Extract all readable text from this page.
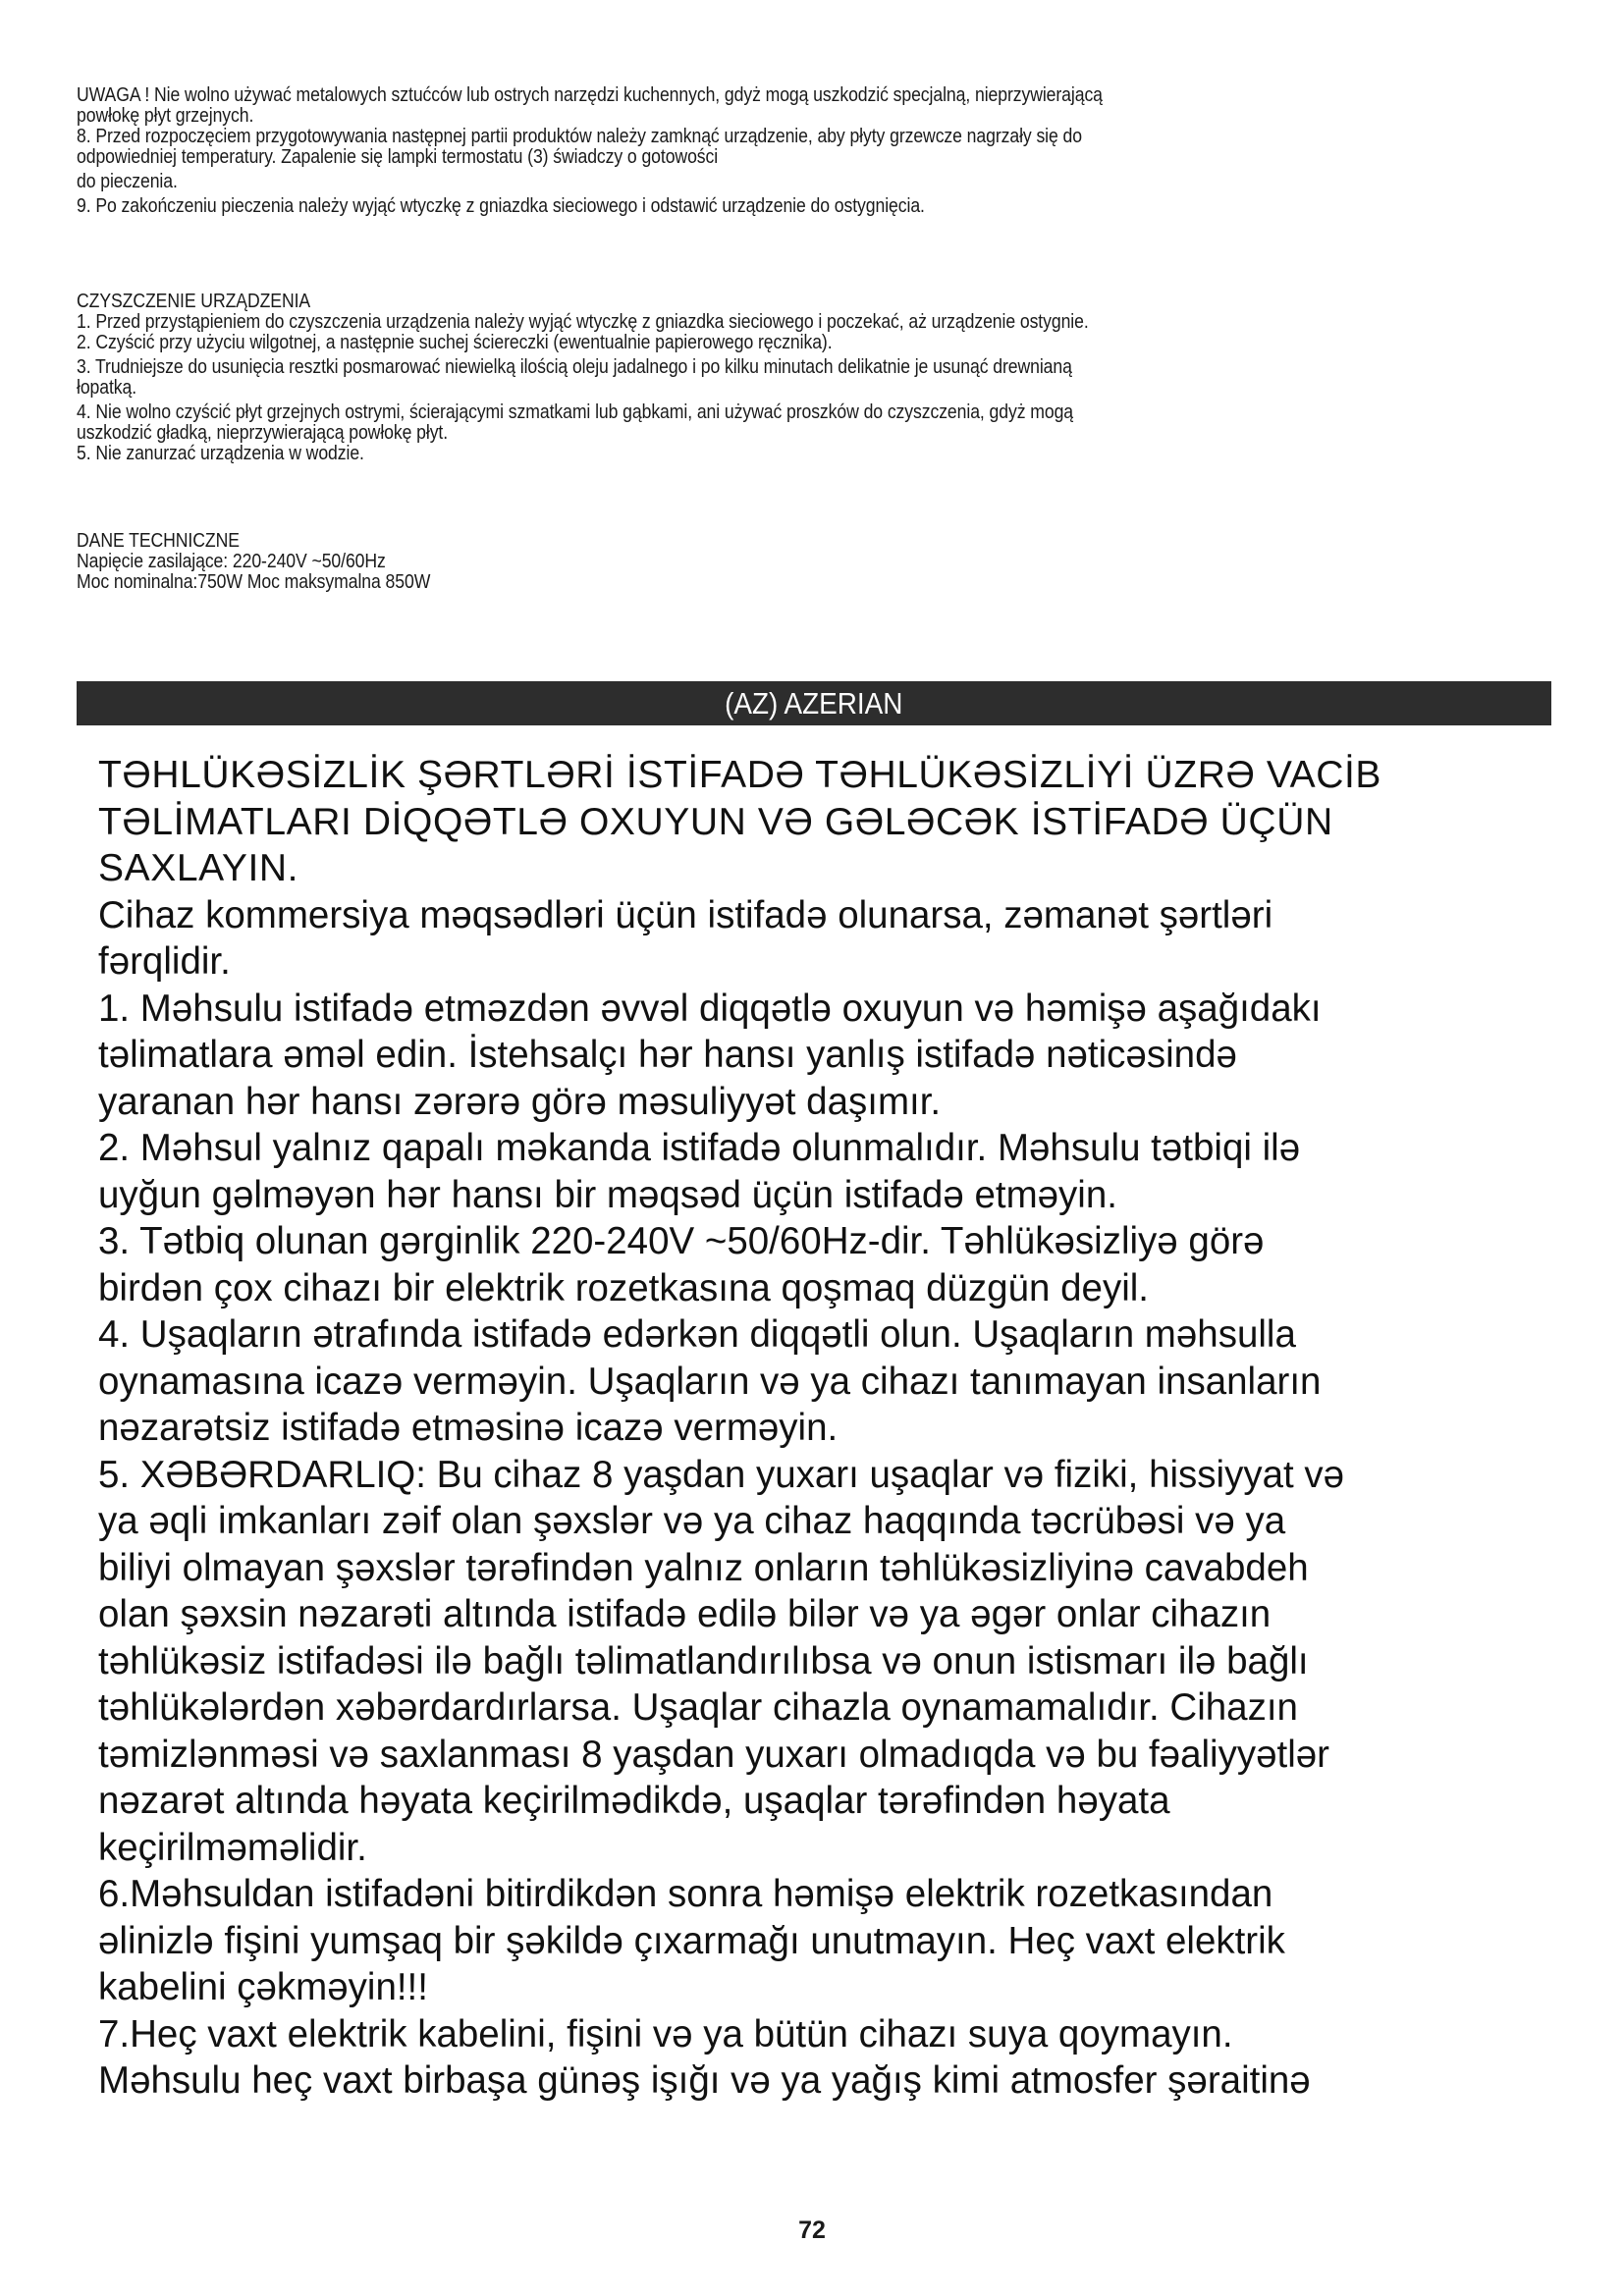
UWAGA ! Nie wolno używać metalowych sztućców lub ostrych narzędzi kuchennych, gdyż mogą uszkodzić specjalną, nieprzywierającą

powłokę płyt grzejnych.

8. Przed rozpoczęciem przygotowywania następnej partii produktów należy zamknąć urządzenie, aby płyty grzewcze nagrzały się do

odpowiedniej temperatury. Zapalenie się lampki termostatu (3) świadczy o gotowości

do pieczenia.

9. Po zakończeniu pieczenia należy wyjąć wtyczkę z gniazdka sieciowego i odstawić urządzenie do ostygnięcia.

CZYSZCZENIE URZĄDZENIA

1. Przed przystąpieniem do czyszczenia urządzenia należy wyjąć wtyczkę z gniazdka sieciowego i poczekać, aż urządzenie ostygnie.

2. Czyścić przy użyciu wilgotnej, a następnie suchej ściereczki (ewentualnie papierowego ręcznika).

3. Trudniejsze do usunięcia resztki posmarować niewielką ilością oleju jadalnego i po kilku minutach delikatnie je usunąć drewnianą

łopatką.

4. Nie wolno czyścić płyt grzejnych ostrymi, ścierającymi szmatkami lub gąbkami, ani używać proszków do czyszczenia, gdyż mogą

uszkodzić gładką, nieprzywierającą powłokę płyt.

5. Nie zanurzać urządzenia w wodzie.

DANE TECHNICZNE

Napięcie zasilające: 220-240V ~50/60Hz

Moc nominalna:750W Moc maksymalna 850W

(AZ) AZERIAN

TƏHLÜKƏSİZLİK ŞƏRTLƏRİ İSTİFADƏ TƏHLÜKƏSİZLİYİ ÜZRƏ VACİB

TƏLİMATLARI DİQQƏTLƏ OXUYUN VƏ GƏLƏCƏK İSTİFADƏ ÜÇÜN

SAXLAYIN.

Cihaz kommersiya məqsədləri üçün istifadə olunarsa, zəmanət şərtləri

fərqlidir.

1. Məhsulu istifadə etməzdən əvvəl diqqətlə oxuyun və həmişə aşağıdakı

təlimatlara əməl edin. İstehsalçı hər hansı yanlış istifadə nəticəsində

yaranan hər hansı zərərə görə məsuliyyət daşımır.

2. Məhsul yalnız qapalı məkanda istifadə olunmalıdır. Məhsulu tətbiqi ilə

uyğun gəlməyən hər hansı bir məqsəd üçün istifadə etməyin.

3. Tətbiq olunan gərginlik 220-240V ~50/60Hz-dir. Təhlükəsizliyə görə

birdən çox cihazı bir elektrik rozetkasına qoşmaq düzgün deyil.

4. Uşaqların ətrafında istifadə edərkən diqqətli olun. Uşaqların məhsulla

oynamasına icazə verməyin. Uşaqların və ya cihazı tanımayan insanların

nəzarətsiz istifadə etməsinə icazə verməyin.

5. XƏBƏRDARLIQ: Bu cihaz 8 yaşdan yuxarı uşaqlar və fiziki, hissiyyat və

ya əqli imkanları zəif olan şəxslər və ya cihaz haqqında təcrübəsi və ya

biliyi olmayan şəxslər tərəfindən yalnız onların təhlükəsizliyinə cavabdeh

olan şəxsin nəzarəti altında istifadə edilə bilər və ya əgər onlar cihazın

təhlükəsiz istifadəsi ilə bağlı təlimatlandırılıbsa və onun istismarı ilə bağlı

təhlükələrdən xəbərdardırlarsa. Uşaqlar cihazla oynamamalıdır. Cihazın

təmizlənməsi və saxlanması 8 yaşdan yuxarı olmadıqda və bu fəaliyyətlər

nəzarət altında həyata keçirilmədikdə, uşaqlar tərəfindən həyata

keçirilməməlidir.

6.Məhsuldan istifadəni bitirdikdən sonra həmişə elektrik rozetkasından

əlinizlə fişini yumşaq bir şəkildə çıxarmağı unutmayın. Heç vaxt elektrik

kabelini çəkməyin!!!

7.Heç vaxt elektrik kabelini, fişini və ya bütün cihazı suya qoymayın.

Məhsulu heç vaxt birbaşa günəş işığı və ya yağış kimi atmosfer şəraitinə

72
